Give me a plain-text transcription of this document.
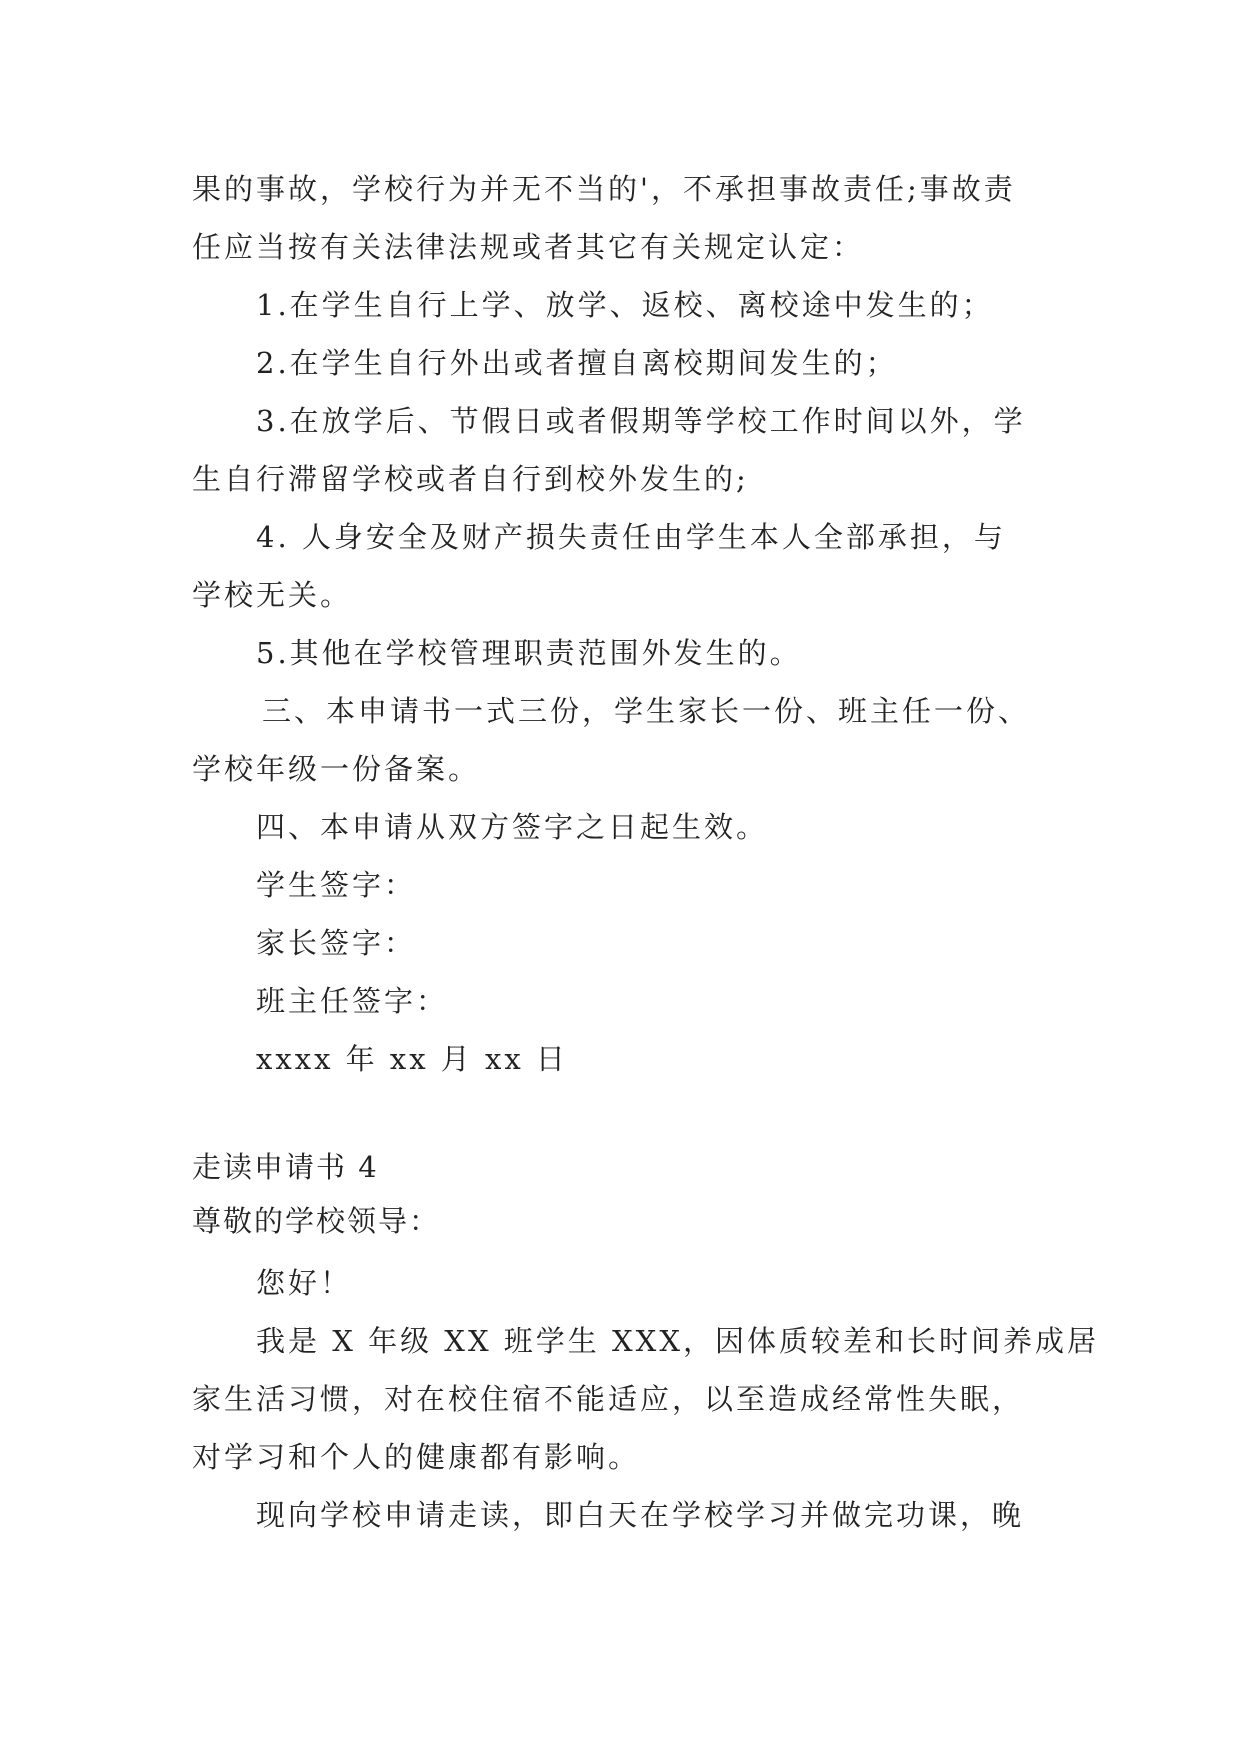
果的事故，学校行为并无不当的'，不承担事故责任;事故责
任应当按有关法律法规或者其它有关规定认定：
1.在学生自行上学、放学、返校、离校途中发生的；
2.在学生自行外出或者擅自离校期间发生的；
3.在放学后、节假日或者假期等学校工作时间以外，学
生自行滞留学校或者自行到校外发生的;
4. 人身安全及财产损失责任由学生本人全部承担，与
学校无关。
5.其他在学校管理职责范围外发生的。
三、本申请书一式三份，学生家长一份、班主任一份、
学校年级一份备案。
四、本申请从双方签字之日起生效。
学生签字：
家长签字：
班主任签字：
xxxx 年 xx 月 xx 日
走读申请书 4
尊敬的学校领导：
您好！
我是 X 年级 XX 班学生 XXX，因体质较差和长时间养成居
家生活习惯，对在校住宿不能适应，以至造成经常性失眠，
对学习和个人的健康都有影响。
现向学校申请走读，即白天在学校学习并做完功课，晚
